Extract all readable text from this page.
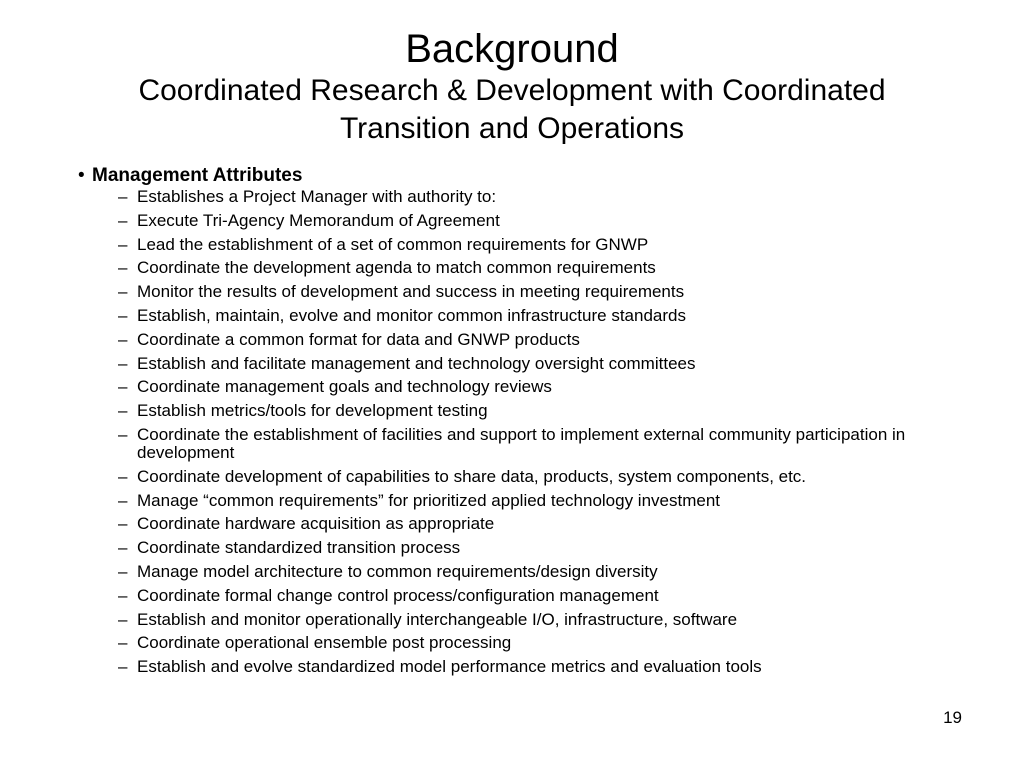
Background
Coordinated Research & Development with Coordinated Transition and Operations
• Management Attributes
– Establishes a Project Manager with authority to:
– Execute Tri-Agency Memorandum of Agreement
– Lead the establishment of a set of common requirements for GNWP
– Coordinate the development agenda to match common requirements
– Monitor the results of development and success in meeting requirements
– Establish, maintain, evolve and monitor common infrastructure standards
– Coordinate a common format for data and GNWP products
– Establish and facilitate management and technology oversight committees
– Coordinate management goals and technology reviews
– Establish metrics/tools for development testing
– Coordinate the establishment of facilities and support to implement external community participation in development
– Coordinate development of capabilities to share data, products, system components, etc.
– Manage “common requirements” for prioritized applied technology investment
– Coordinate hardware acquisition as appropriate
– Coordinate standardized transition process
– Manage model architecture to common requirements/design diversity
– Coordinate formal change control process/configuration management
– Establish and monitor operationally interchangeable I/O, infrastructure, software
– Coordinate operational ensemble post processing
– Establish and evolve standardized model performance metrics and evaluation tools
19
